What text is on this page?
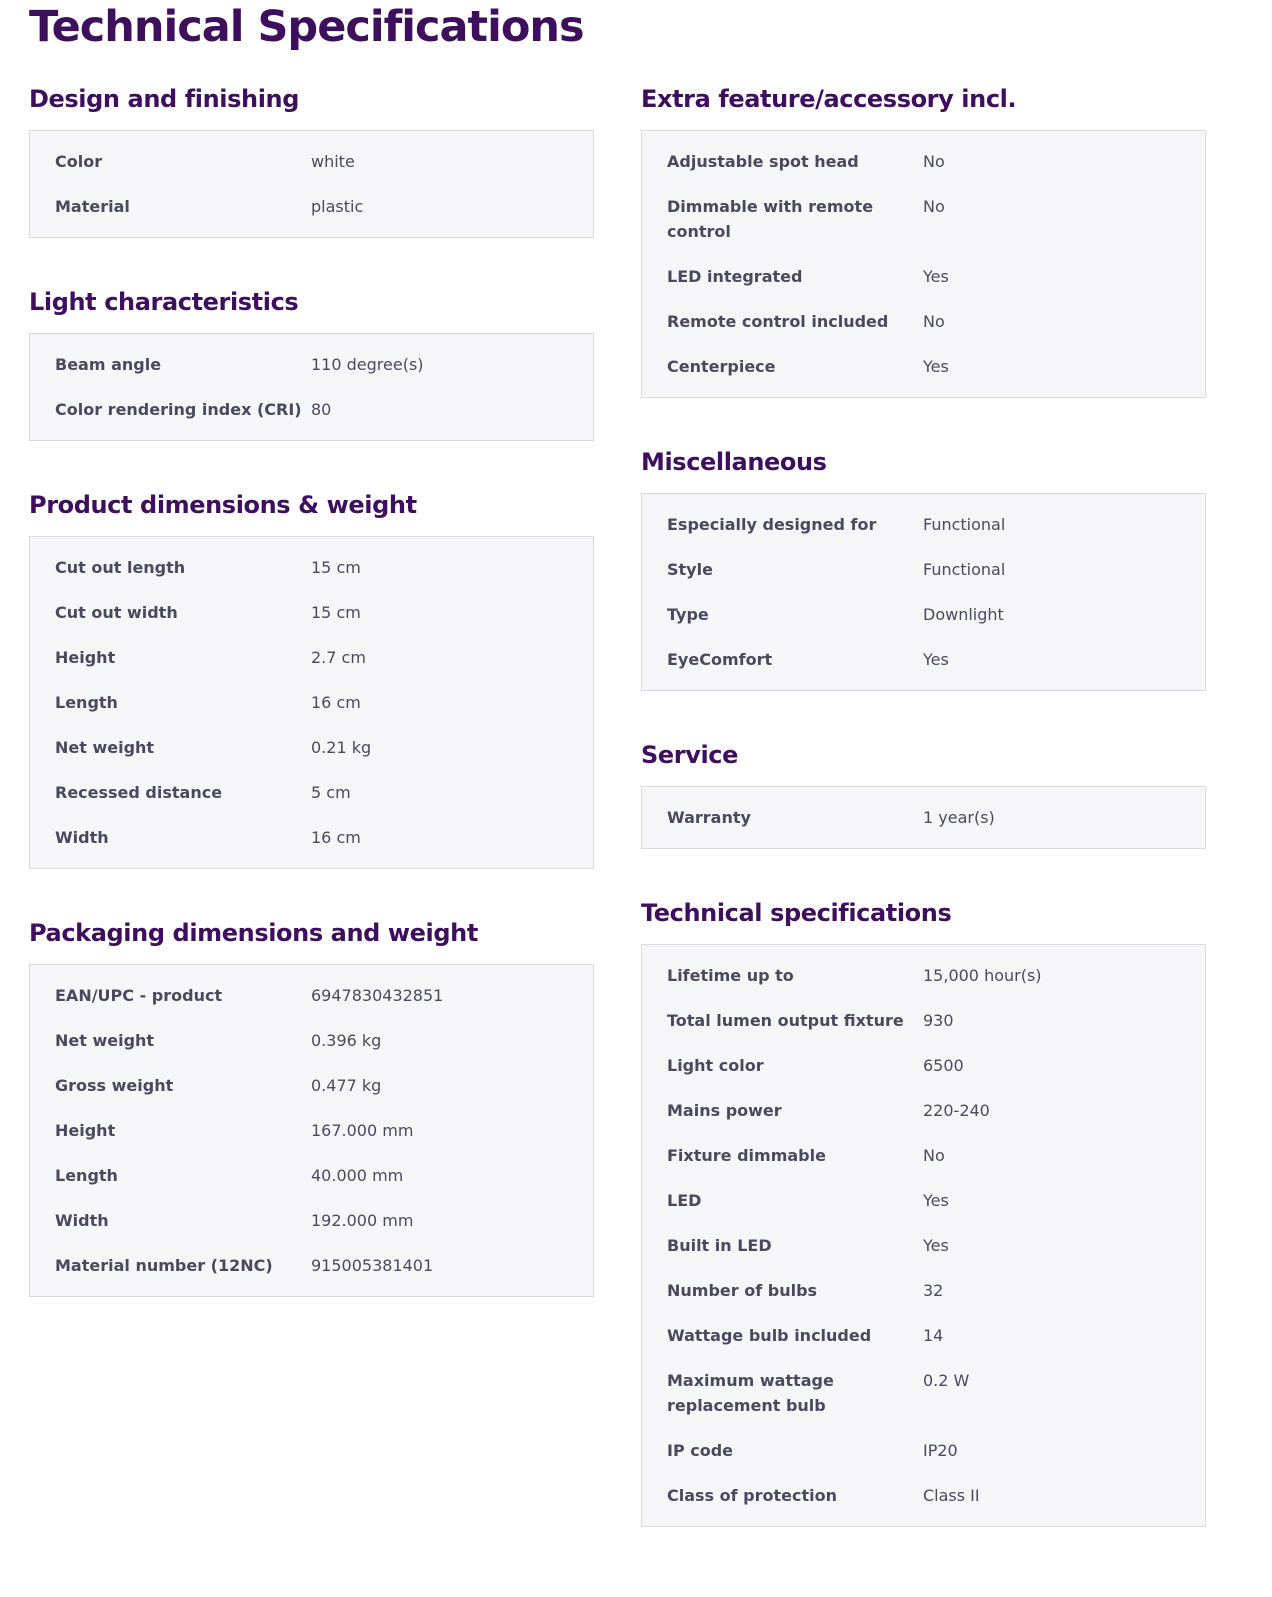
Technical Specifications
Design and finishing
Color	white
Material	plastic
Light characteristics
Beam angle	110 degree(s)
Color rendering index (CRI) 80
Product dimensions & weight
Cut out length	15 cm
Cut out width	15 cm
Height	2.7 cm
Length	16 cm
Net weight	0.21 kg
Recessed distance	5 cm
Width	16 cm
Packaging dimensions and weight
EAN/UPC - product	6947830432851
Net weight	0.396 kg
Gross weight	0.477 kg
Height	167.000 mm
Length	40.000 mm
Width	192.000 mm
Material number (12NC)	915005381401
Extra feature/accessory incl.
Adjustable spot head	No
Dimmable with remote control
No
LED integrated	Yes
Remote control included	No
Centerpiece	Yes
Miscellaneous
Especially designed for	Functional
Style	Functional
Type	Downlight
EyeComfort	Yes
Service
Warranty	1 year(s)
Technical specifications
Lifetime up to	15,000 hour(s)
Total lumen output fixture	930
Light color	6500
Mains power	220-240
Fixture dimmable	No
LED	Yes
Built in LED	Yes
Number of bulbs	32
Wattage bulb included	14
Maximum wattage replacement bulb
0.2 W
IP code	IP20
Class of protection	Class II
